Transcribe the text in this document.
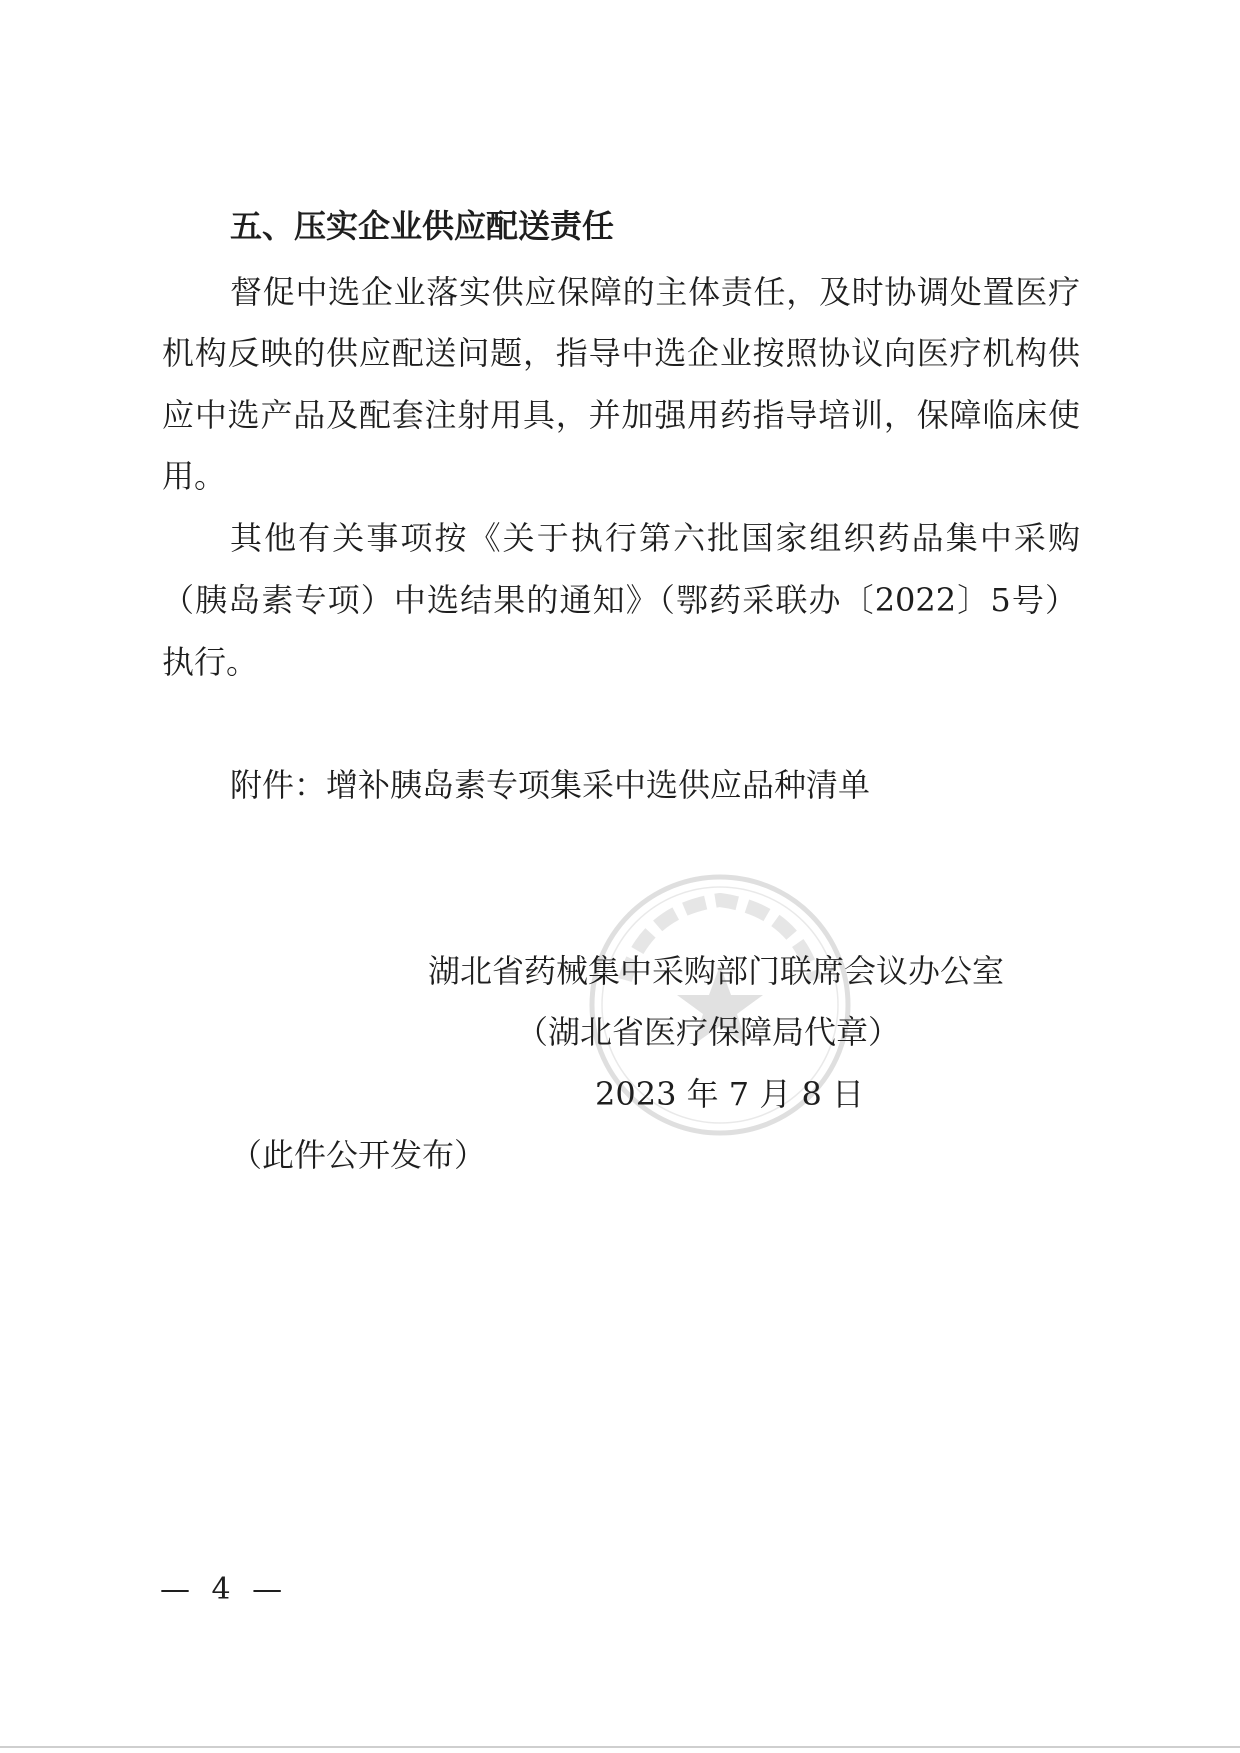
五、压实企业供应配送责任
督促中选企业落实供应保障的主体责任，及时协调处置医疗
机构反映的供应配送问题，指导中选企业按照协议向医疗机构供
应中选产品及配套注射用具，并加强用药指导培训，保障临床使
用。
其他有关事项按《关于执行第六批国家组织药品集中采购
（胰岛素专项）中选结果的通知》（鄂药采联办〔2022〕5号）
执行。
附件：增补胰岛素专项集采中选供应品种清单
湖北省药械集中采购部门联席会议办公室
（湖北省医疗保障局代章）
2023 年 7 月 8 日
（此件公开发布）
— 4 —
